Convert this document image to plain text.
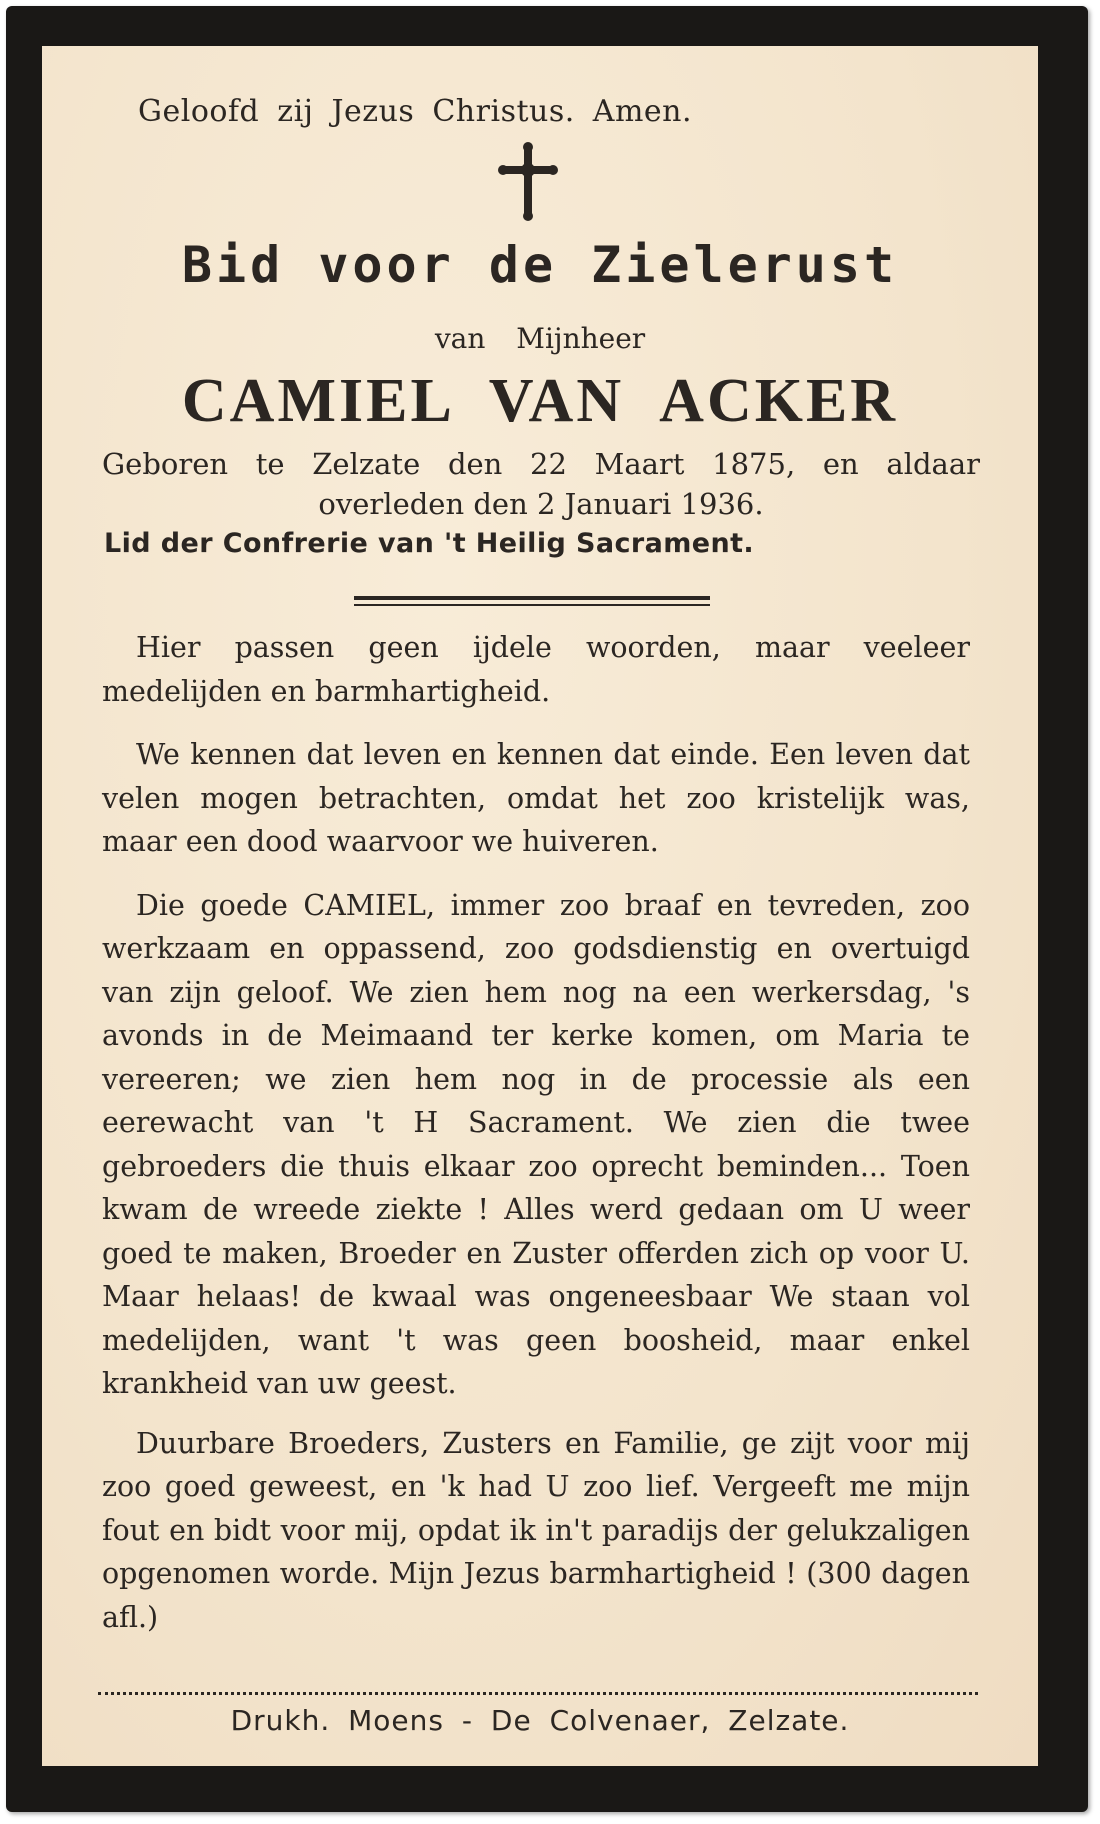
Geloofd zij Jezus Christus. Amen.
Bid voor de Zielerust
van Mijnheer
CAMIEL VAN ACKER
Geboren te Zelzate den 22 Maart 1875, en aldaar overleden den 2 Januari 1936.
Lid der Confrerie van 't Heilig Sacrament.

Hier passen geen ijdele woorden, maar veeleer medelijden en barmhartigheid.

We kennen dat leven en kennen dat einde. Een leven dat velen mogen betrachten, omdat het zoo kristelijk was, maar een dood waarvoor we huiveren.

Die goede CAMIEL, immer zoo braaf en tevreden, zoo werkzaam en oppassend, zoo godsdienstig en overtuigd van zijn geloof. We zien hem nog na een werkersdag, 's avonds in de Meimaand ter kerke komen, om Maria te vereeren; we zien hem nog in de processie als een eerewacht van 't H Sacrament. We zien die twee gebroeders die thuis elkaar zoo oprecht beminden... Toen kwam de wreede ziekte ! Alles werd gedaan om U weer goed te maken, Broeder en Zuster offerden zich op voor U. Maar helaas! de kwaal was ongeneesbaar We staan vol medelijden, want 't was geen boosheid, maar enkel krankheid van uw geest.

Duurbare Broeders, Zusters en Familie, ge zijt voor mij zoo goed geweest, en 'k had U zoo lief. Vergeeft me mijn fout en bidt voor mij, opdat ik in't paradijs der gelukzaligen opgenomen worde. Mijn Jezus barmhartigheid ! (300 dagen afl.)

Drukh. Moens - De Colvenaer, Zelzate.
